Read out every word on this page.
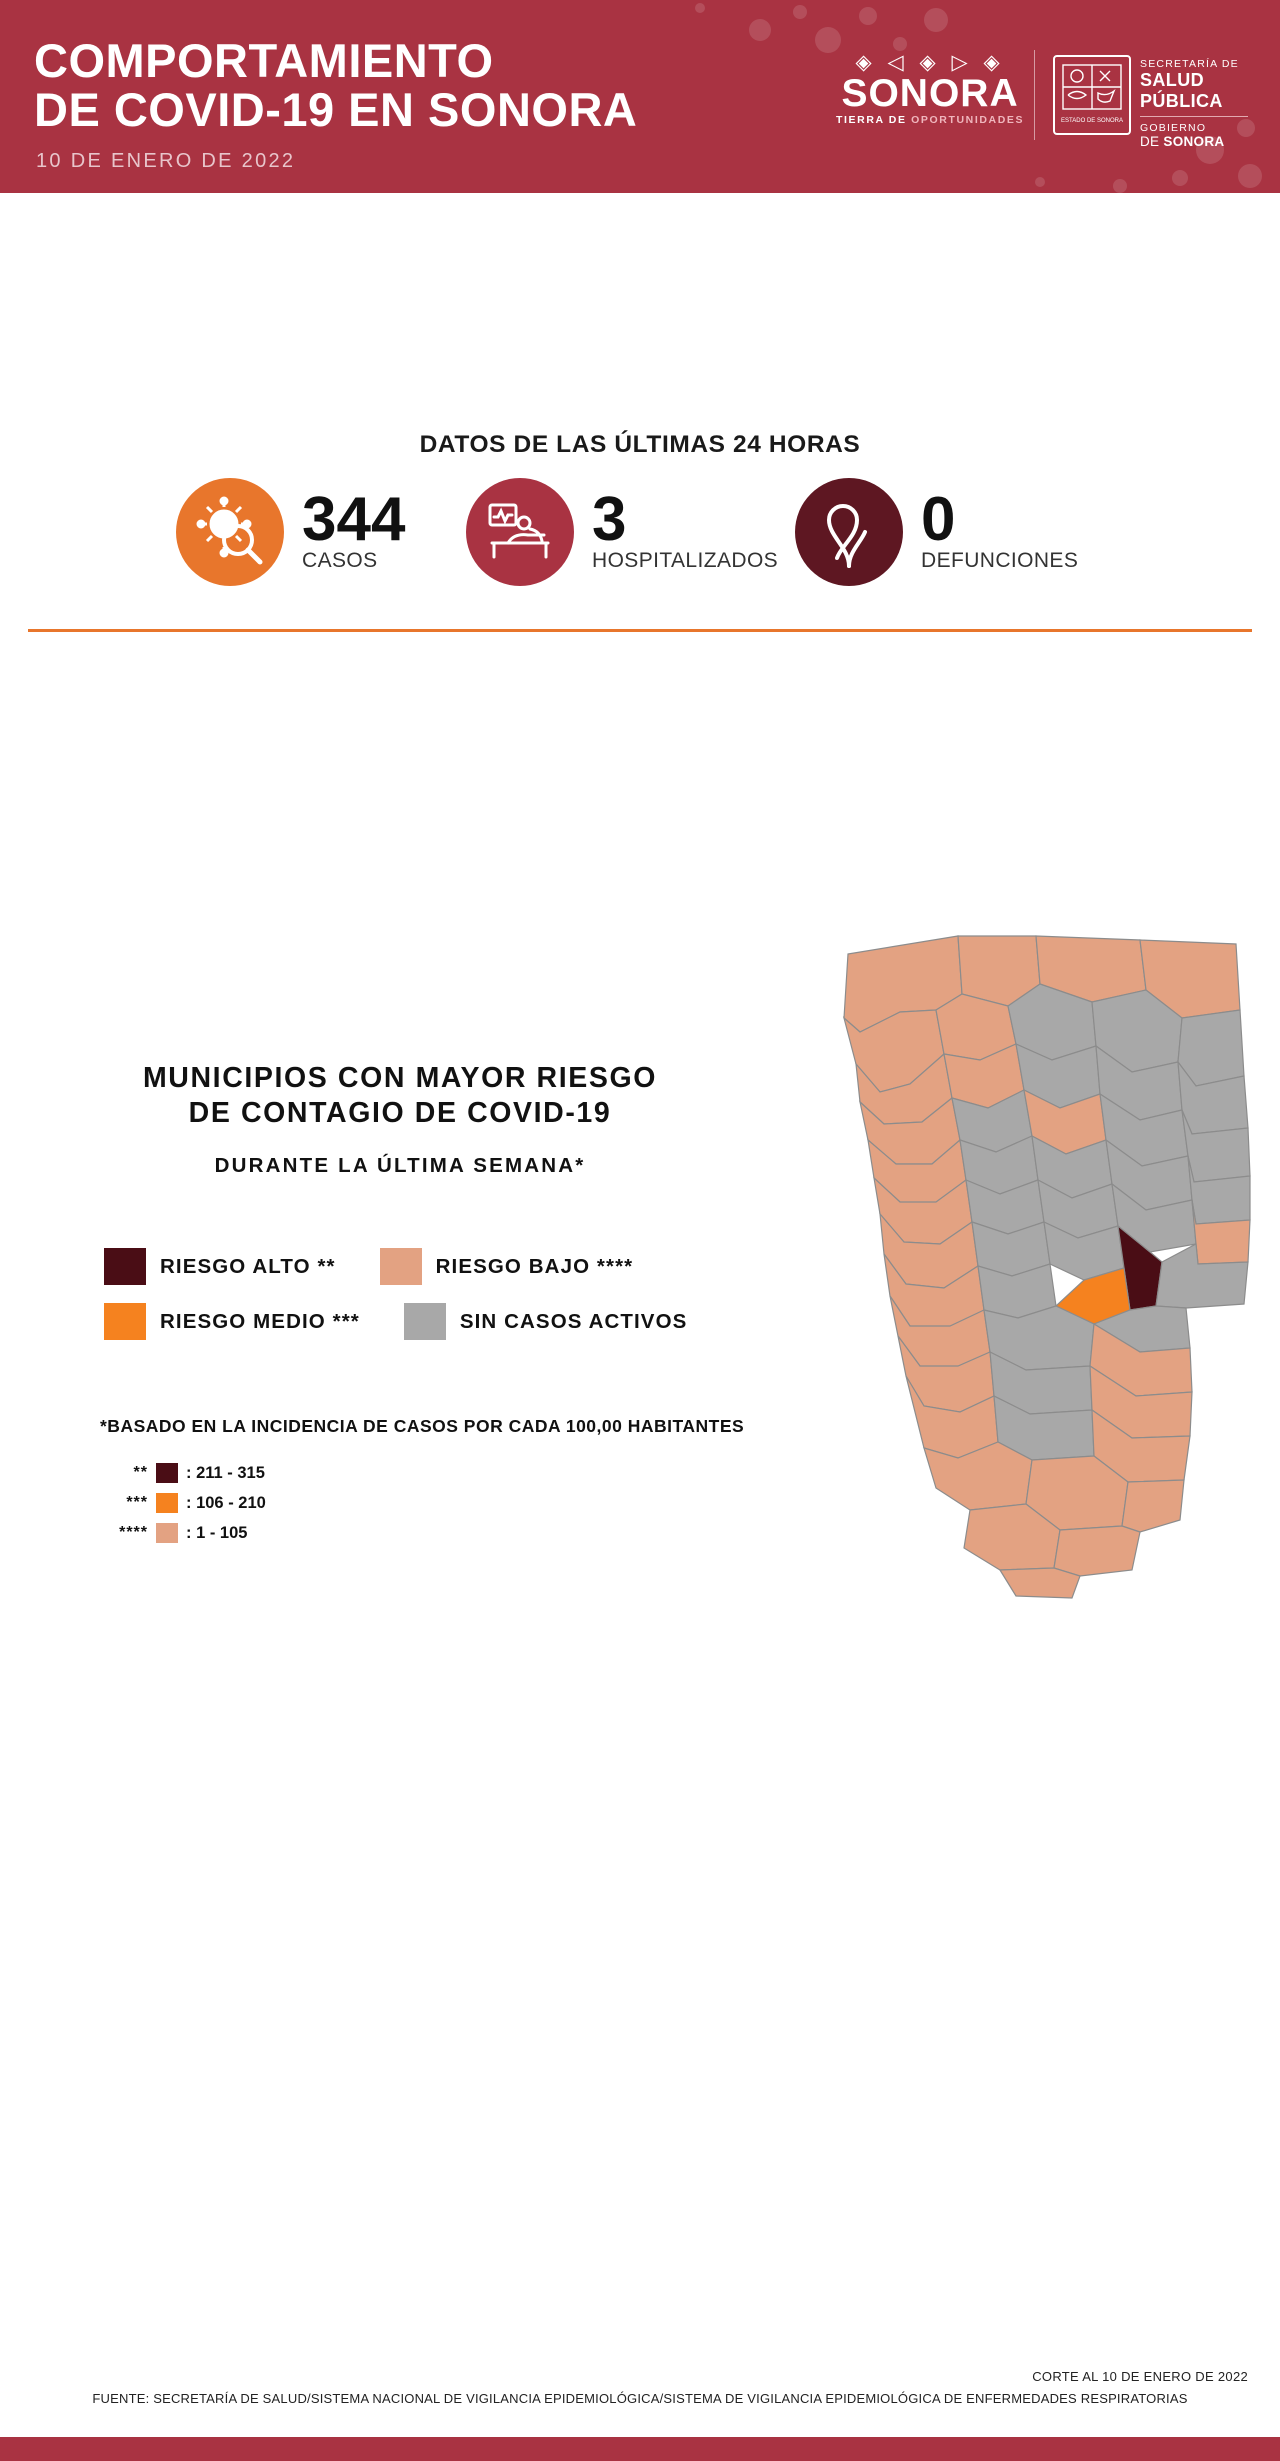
COMPORTAMIENTO
DE COVID-19 EN SONORA
10 DE ENERO DE 2022
◈ ◁ ◈ ▷ ◈
SONORA
TIERRA DE OPORTUNIDADES	ESTADO DE SONORA
SECRETARÍA DE
SALUD PÚBLICA
GOBIERNO
DE SONORA
DATOS DE LAS ÚLTIMAS 24 HORAS
344
CASOS
3
HOSPITALIZADOS
0
DEFUNCIONES
MUNICIPIOS CON MAYOR RIESGO
DE CONTAGIO DE COVID-19
DURANTE LA ÚLTIMA SEMANA*
RIESGO ALTO **	RIESGO BAJO ****
RIESGO MEDIO ***	SIN CASOS ACTIVOS
*BASADO EN LA INCIDENCIA DE CASOS POR CADA 100,00 HABITANTES
** : 211 - 315
*** : 106 - 210
**** : 1 - 105
CORTE AL 10 DE ENERO DE 2022
FUENTE: SECRETARÍA DE SALUD/SISTEMA NACIONAL DE VIGILANCIA EPIDEMIOLÓGICA/SISTEMA DE VIGILANCIA EPIDEMIOLÓGICA DE ENFERMEDADES RESPIRATORIAS
